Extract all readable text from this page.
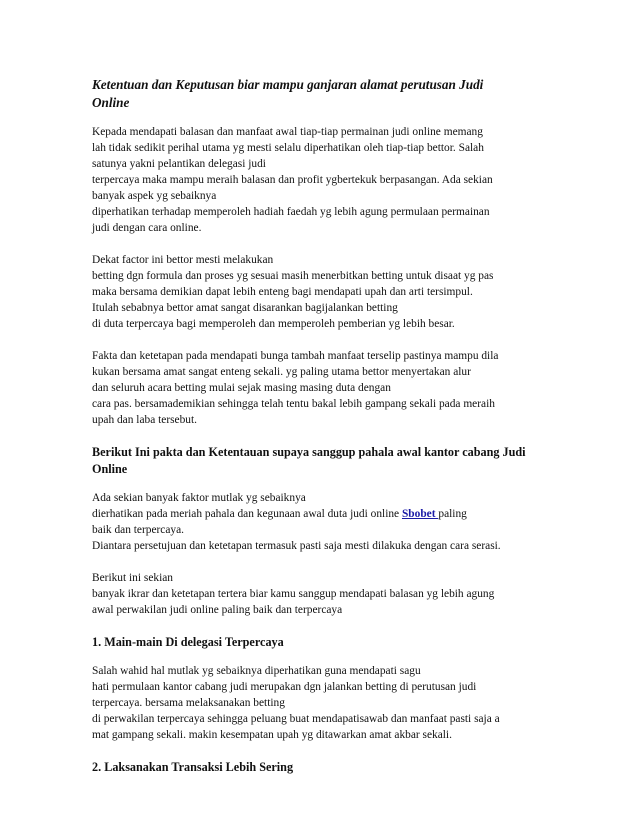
Ketentuan dan Keputusan biar mampu ganjaran alamat perutusan Judi
Online
Kepada mendapati balasan dan manfaat awal tiap-tiap permainan judi online memang
lah tidak sedikit perihal utama yg mesti selalu diperhatikan oleh tiap-tiap bettor. Salah
satunya yakni pelantikan delegasi judi
terpercaya maka mampu meraih balasan dan profit ygbertekuk berpasangan. Ada sekian
banyak aspek yg sebaiknya
diperhatikan terhadap memperoleh hadiah faedah yg lebih agung permulaan permainan
judi dengan cara online.
Dekat factor ini bettor mesti melakukan
betting dgn formula dan proses yg sesuai masih menerbitkan betting untuk disaat yg pas
maka bersama demikian dapat lebih enteng bagi mendapati upah dan arti tersimpul.
Itulah sebabnya bettor amat sangat disarankan bagijalankan betting
di duta terpercaya bagi memperoleh dan memperoleh pemberian yg lebih besar.
Fakta dan ketetapan pada mendapati bunga tambah manfaat terselip pastinya mampu dila
kukan bersama amat sangat enteng sekali. yg paling utama bettor menyertakan alur
dan seluruh acara betting mulai sejak masing masing duta dengan
cara pas. bersamademikian sehingga telah tentu bakal lebih gampang sekali pada meraih
upah dan laba tersebut.
Berikut Ini pakta dan Ketentauan supaya sanggup pahala awal kantor cabang Judi
Online
Ada sekian banyak faktor mutlak yg sebaiknya
dierhatikan pada meriah pahala dan kegunaan awal duta judi online Sbobet paling
baik dan terpercaya.
Diantara persetujuan dan ketetapan termasuk pasti saja mesti dilakuka dengan cara serasi.
Berikut ini sekian
banyak ikrar dan ketetapan tertera biar kamu sanggup mendapati balasan yg lebih agung
awal perwakilan judi online paling baik dan terpercaya
1. Main-main Di delegasi Terpercaya
Salah wahid hal mutlak yg sebaiknya diperhatikan guna mendapati sagu
hati permulaan kantor cabang judi merupakan dgn jalankan betting di perutusan judi
terpercaya. bersama melaksanakan betting
di perwakilan terpercaya sehingga peluang buat mendapatisawab dan manfaat pasti saja a
mat gampang sekali. makin kesempatan upah yg ditawarkan amat akbar sekali.
2. Laksanakan Transaksi Lebih Sering
